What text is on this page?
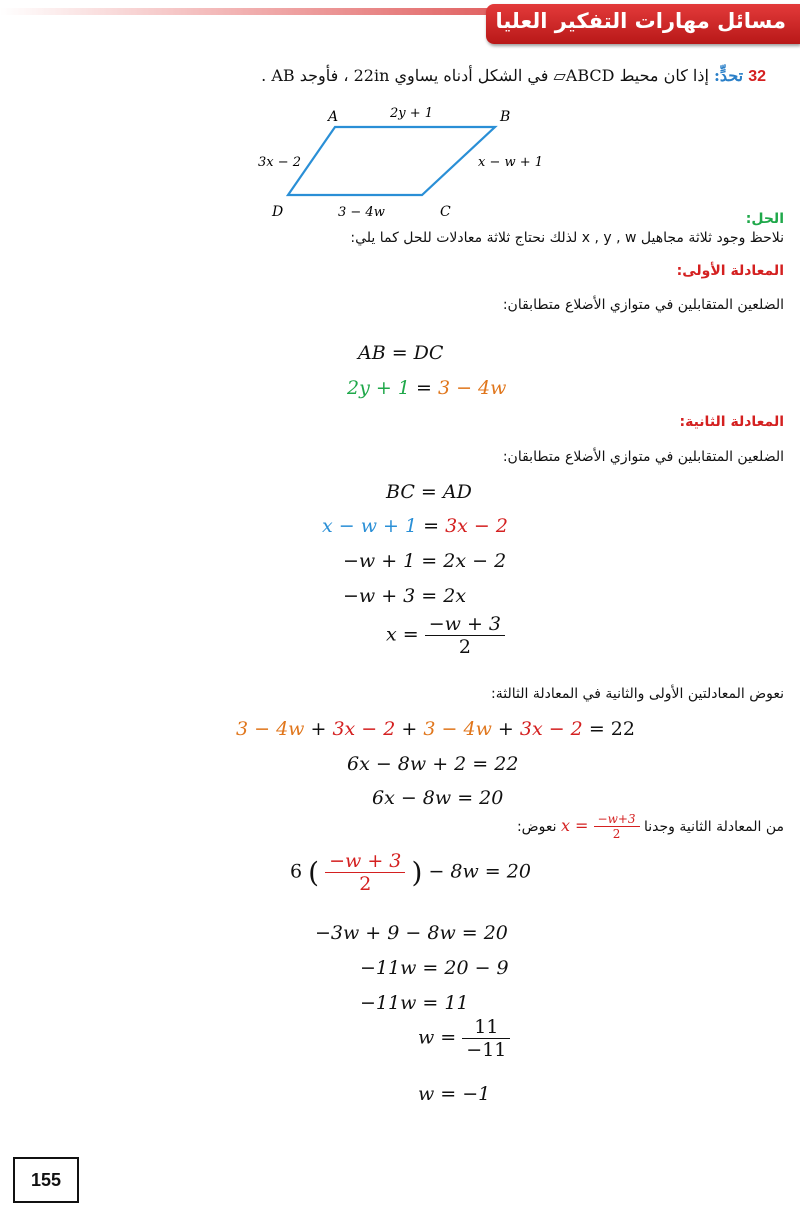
مسائل مهارات التفكير العليا
32 تحدٍّ: إذا كان محيط ABCD▱ في الشكل أدناه يساوي 22in ، فأوجد AB .
A	B
C
D
2y + 1
x − w + 1
3 − 4w
3x − 2
الحل:
نلاحظ وجود ثلاثة مجاهيل x , y , w لذلك نحتاج ثلاثة معادلات للحل كما يلي:
المعادلة الأولى:
الضلعين المتقابلين في متوازي الأضلاع متطابقان:
AB = DC
2y + 1 = 3 − 4w
المعادلة الثانية:
الضلعين المتقابلين في متوازي الأضلاع متطابقان:
BC = AD
x − w + 1 = 3x − 2
−w + 1 = 2x − 2
−w + 3 = 2x
$x = \frac{-w + 3}{2}$
نعوض المعادلتين الأولى والثانية في المعادلة الثالثة:
3 − 4w + 3x − 2 + 3 − 4w + 3x − 2 = 22
6x − 8w + 2 = 22
6x − 8w = 20
من المعادلة الثانية وجدنا $x = \frac{-w+3}{2}$
نعوض:
6 ( $\frac{-w + 3}{2}$ ) − 8w = 20
−3w + 9 − 8w = 20
−11w = 20 − 9
−11w = 11
$w = \frac{11}{-11}$
w = −1
155
